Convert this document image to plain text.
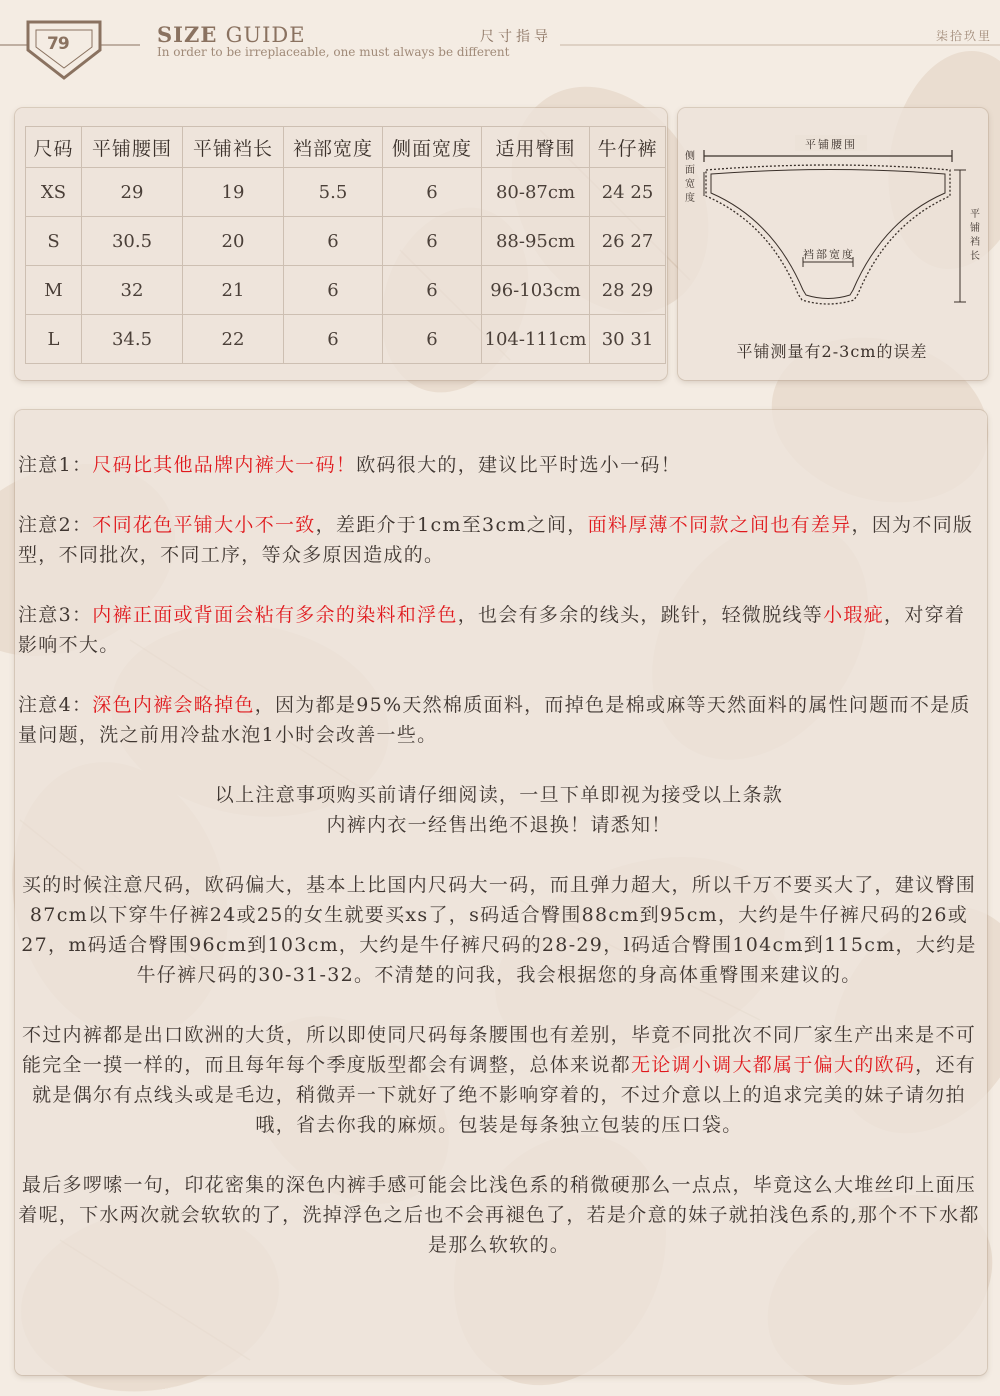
79	SIZE GUIDE
In order to be irreplaceable, one must always be different
尺寸指导	柒拾玖里
尺码	平铺腰围	平铺裆长	裆部宽度	侧面宽度	适用臀围	牛仔裤
XS	29	19	5.5	6	80-87cm	24 25
S	30.5	20	6	6	88-95cm	26 27
M	32	21	6	6	96-103cm	28 29
L	34.5	22	6	6	104-111cm	30 31
平铺腰围
侧
面
宽
度
裆部宽度
平
铺
裆
长
平铺测量有2-3cm的误差

注意1：尺码比其他品牌内裤大一码！欧码很大的，建议比平时选小一码！

注意2：不同花色平铺大小不一致，差距介于1cm至3cm之间，面料厚薄不同款之间也有差异，因为不同版型，不同批次，不同工序，等众多原因造成的。

注意3：内裤正面或背面会粘有多余的染料和浮色，也会有多余的线头，跳针，轻微脱线等小瑕疵，对穿着影响不大。

注意4：深色内裤会略掉色，因为都是95%天然棉质面料，而掉色是棉或麻等天然面料的属性问题而不是质量问题，洗之前用冷盐水泡1小时会改善一些。

以上注意事项购买前请仔细阅读，一旦下单即视为接受以上条款
内裤内衣一经售出绝不退换！请悉知！

买的时候注意尺码，欧码偏大，基本上比国内尺码大一码，而且弹力超大，所以千万不要买大了，建议臀围87cm以下穿牛仔裤24或25的女生就要买xs了，s码适合臀围88cm到95cm，大约是牛仔裤尺码的26或27，m码适合臀围96cm到103cm，大约是牛仔裤尺码的28-29，l码适合臀围104cm到115cm，大约是牛仔裤尺码的30-31-32。不清楚的问我，我会根据您的身高体重臀围来建议的。

不过内裤都是出口欧洲的大货，所以即使同尺码每条腰围也有差别，毕竟不同批次不同厂家生产出来是不可能完全一摸一样的，而且每年每个季度版型都会有调整，总体来说都无论调小调大都属于偏大的欧码，还有就是偶尔有点线头或是毛边，稍微弄一下就好了绝不影响穿着的，不过介意以上的追求完美的妹子请勿拍哦，省去你我的麻烦。包装是每条独立包装的压口袋。

最后多啰嗦一句，印花密集的深色内裤手感可能会比浅色系的稍微硬那么一点点，毕竟这么大堆丝印上面压着呢，下水两次就会软软的了，洗掉浮色之后也不会再褪色了，若是介意的妹子就拍浅色系的,那个不下水都是那么软软的。
